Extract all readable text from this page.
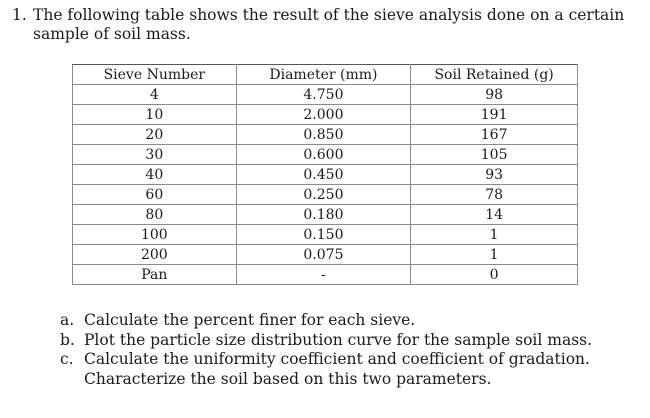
1. The following table shows the result of the sieve analysis done on a certain sample of soil mass.
Sieve Number	Diameter (mm)	Soil Retained (g)
4	4.750	98
10	2.000	191
20	0.850	167
30	0.600	105
40	0.450	93
60	0.250	78
80	0.180	14
100	0.150	1
200	0.075	1
Pan	-	0
a. Calculate the percent finer for each sieve.
b. Plot the particle size distribution curve for the sample soil mass.
c. Calculate the uniformity coefficient and coefficient of gradation. Characterize the soil based on this two parameters.
